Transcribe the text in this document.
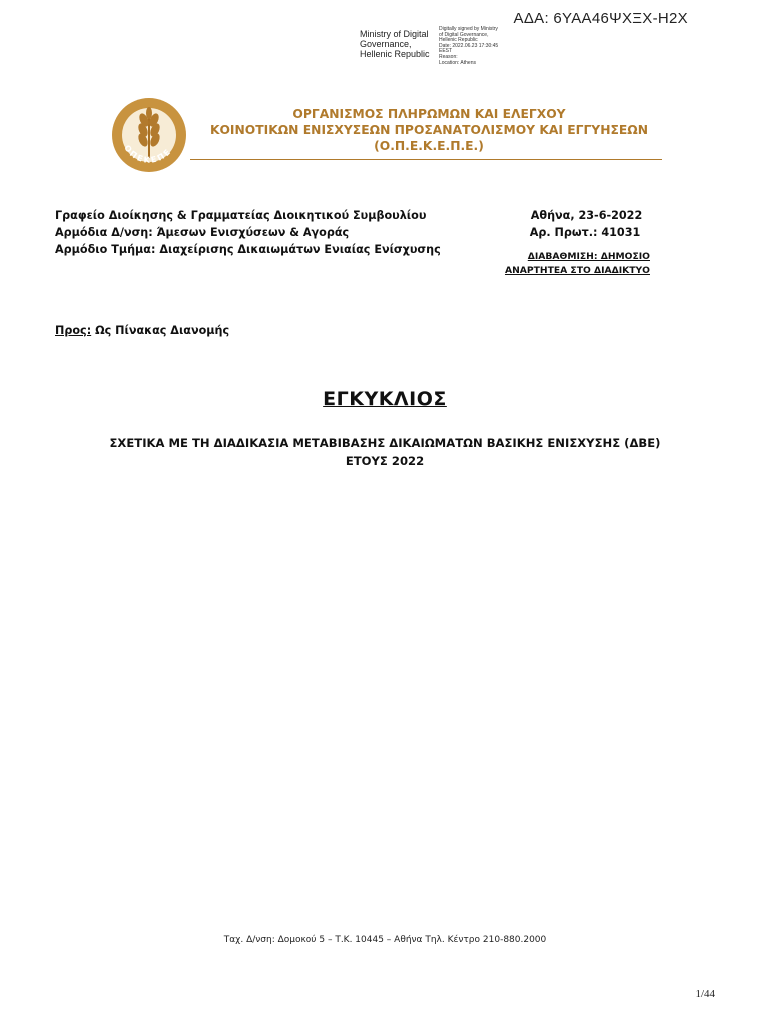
ΑΔΑ: 6ΥΑΑ46ΨΧΞΧ-Η2Χ
Ministry of Digital Governance, Hellenic Republic
Digitally signed by Ministry
of Digital Governance,
Hellenic Republic
Date: 2022.06.23 17:30:45
EEST
Reason:
Location: Athens
ΟΠΕΚΕΠΕ
ΟΡΓΑΝΙΣΜΟΣ ΠΛΗΡΩΜΩΝ ΚΑΙ ΕΛΕΓΧΟΥ
ΚΟΙΝΟΤΙΚΩΝ ΕΝΙΣΧΥΣΕΩΝ ΠΡΟΣΑΝΑΤΟΛΙΣΜΟΥ ΚΑΙ ΕΓΓΥΗΣΕΩΝ
(Ο.Π.Ε.Κ.Ε.Π.Ε.)
Γραφείο Διοίκησης & Γραμματείας Διοικητικού Συμβουλίου
Αρμόδια Δ/νση: Άμεσων Ενισχύσεων & Αγοράς
Αρμόδιο Τμήμα: Διαχείρισης Δικαιωμάτων Ενιαίας Ενίσχυσης
Αθήνα, 23-6-2022
Αρ. Πρωτ.: 41031
ΔΙΑΒΑΘΜΙΣΗ: ΔΗΜΟΣΙΟ
ΑΝΑΡΤΗΤΕΑ ΣΤΟ ΔΙΑΔΙΚΤΥΟ
Προς: Ως Πίνακας Διανομής
ΕΓΚΥΚΛΙΟΣ
ΣΧΕΤΙΚΑ ΜΕ ΤΗ ΔΙΑΔΙΚΑΣΙΑ ΜΕΤΑΒΙΒΑΣΗΣ ΔΙΚΑΙΩΜΑΤΩΝ ΒΑΣΙΚΗΣ ΕΝΙΣΧΥΣΗΣ (ΔΒΕ)
ΕΤΟΥΣ 2022
Ταχ. Δ/νση: Δομοκού 5 – Τ.Κ. 10445 – Αθήνα Τηλ. Κέντρο 210-880.2000
1/44
